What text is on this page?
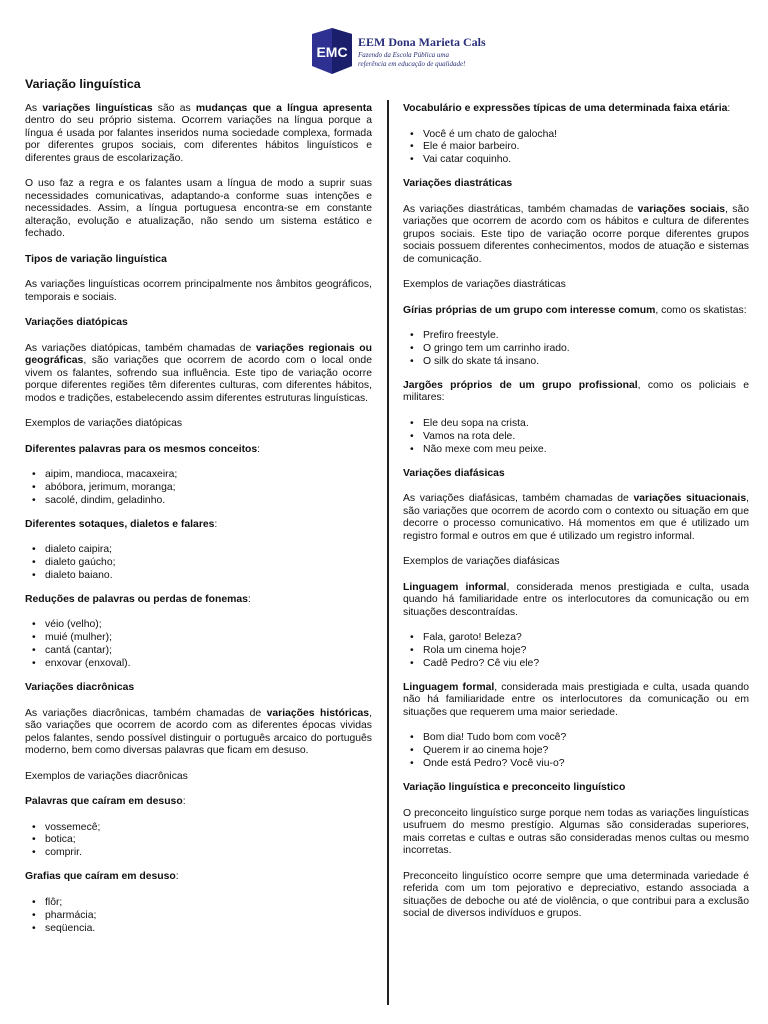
EMC
EEM Dona Marieta Cals
Fazendo da Escola Pública uma referência em educação de qualidade!
Variação linguística

As variações linguísticas são as mudanças que a língua apresenta dentro do seu próprio sistema. Ocorrem variações na língua porque a língua é usada por falantes inseridos numa sociedade complexa, formada por diferentes grupos sociais, com diferentes hábitos linguísticos e diferentes graus de escolarização.

O uso faz a regra e os falantes usam a língua de modo a suprir suas necessidades comunicativas, adaptando-a conforme suas intenções e necessidades. Assim, a língua portuguesa encontra-se em constante alteração, evolução e atualização, não sendo um sistema estático e fechado.

Tipos de variação linguística

As variações linguísticas ocorrem principalmente nos âmbitos geográficos, temporais e sociais.

Variações diatópicas

As variações diatópicas, também chamadas de variações regionais ou geográficas, são variações que ocorrem de acordo com o local onde vivem os falantes, sofrendo sua influência. Este tipo de variação ocorre porque diferentes regiões têm diferentes culturas, com diferentes hábitos, modos e tradições, estabelecendo assim diferentes estruturas linguísticas.

Exemplos de variações diatópicas
Diferentes palavras para os mesmos conceitos:
• aipim, mandioca, macaxeira;
• abóbora, jerimum, moranga;
• sacolé, dindim, geladinho.
Diferentes sotaques, dialetos e falares:
• dialeto caipira;
• dialeto gaúcho;
• dialeto baiano.
Reduções de palavras ou perdas de fonemas:
• véio (velho);
• muié (mulher);
• cantá (cantar);
• enxovar (enxoval).
Variações diacrônicas

As variações diacrônicas, também chamadas de variações históricas, são variações que ocorrem de acordo com as diferentes épocas vividas pelos falantes, sendo possível distinguir o português arcaico do português moderno, bem como diversas palavras que ficam em desuso.

Exemplos de variações diacrônicas
Palavras que caíram em desuso:
• vossemecê;
• botica;
• comprir.
Grafias que caíram em desuso:
• flôr;
• pharmácia;
• seqüencia.
Vocabulário e expressões típicas de uma determinada faixa etária:
• Você é um chato de galocha!
• Ele é maior barbeiro.
• Vai catar coquinho.
Variações diastráticas

As variações diastráticas, também chamadas de variações sociais, são variações que ocorrem de acordo com os hábitos e cultura de diferentes grupos sociais. Este tipo de variação ocorre porque diferentes grupos sociais possuem diferentes conhecimentos, modos de atuação e sistemas de comunicação.

Exemplos de variações diastráticas

Gírias próprias de um grupo com interesse comum, como os skatistas:

• Prefiro freestyle.
• O gringo tem um carrinho irado.
• O silk do skate tá insano.

Jargões próprios de um grupo profissional, como os policiais e militares:

• Ele deu sopa na crista.
• Vamos na rota dele.
• Não mexe com meu peixe.
Variações diafásicas

As variações diafásicas, também chamadas de variações situacionais, são variações que ocorrem de acordo com o contexto ou situação em que decorre o processo comunicativo. Há momentos em que é utilizado um registro formal e outros em que é utilizado um registro informal.

Exemplos de variações diafásicas

Linguagem informal, considerada menos prestigiada e culta, usada quando há familiaridade entre os interlocutores da comunicação ou em situações descontraídas.

• Fala, garoto! Beleza?
• Rola um cinema hoje?
• Cadê Pedro? Cê viu ele?

Linguagem formal, considerada mais prestigiada e culta, usada quando não há familiaridade entre os interlocutores da comunicação ou em situações que requerem uma maior seriedade.

• Bom dia! Tudo bom com você?
• Querem ir ao cinema hoje?
• Onde está Pedro? Você viu-o?
Variação linguística e preconceito linguístico

O preconceito linguístico surge porque nem todas as variações linguísticas usufruem do mesmo prestígio. Algumas são consideradas superiores, mais corretas e cultas e outras são consideradas menos cultas ou mesmo incorretas.

Preconceito linguístico ocorre sempre que uma determinada variedade é referida com um tom pejorativo e depreciativo, estando associada a situações de deboche ou até de violência, o que contribui para a exclusão social de diversos indivíduos e grupos.
